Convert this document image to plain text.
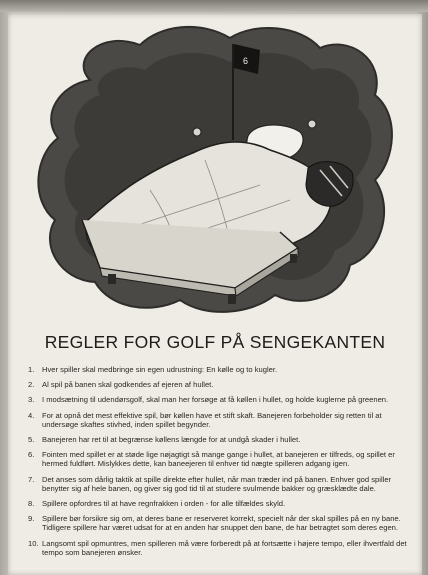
6
REGLER FOR GOLF PÅ SENGEKANTEN
1.	Hver spiller skal medbringe sin egen udrustning: En kølle og to kugler.
2.	Al spil på banen skal godkendes af ejeren af hullet.
3.	I modsætning til udendørsgolf, skal man her forsøge at få køllen i hullet, og holde kuglerne på greenen.
4.	For at opnå det mest effektive spil, bør køllen have et stift skaft. Banejeren forbeholder sig retten til at undersøge skaftes stivhed, inden spillet begynder.
5.	Banejeren har ret til at begrænse køllens længde for at undgå skader i hullet.
6.	Fointen med spillet er at støde lige nøjagtigt så mange gange i hullet, at banejeren er tilfreds, og spillet er hermed fuldført. Mislykkes dette, kan baneejeren til enhver tid nægte spilleren adgang igen.
7.	Det anses som dårlig taktik at spille direkte efter hullet, når man træder ind på banen. Enhver god spiller benytter sig af hele banen, og giver sig god tid til at studere svulmende bakker og græsklædte dale.
8.	Spillere opfordres til at have regnfrakken i orden - for alle tilfældes skyld.
9.	Spillere bør forsikre sig om, at deres bane er reserveret korrekt, specielt når der skal spilles på en ny bane. Tidligere spillere har været udsat for at en anden har snuppet den bane, de har betragtet som deres egen.
10. Langsomt spil opmuntres, men spilleren må være forberedt på at fortsætte i højere tempo, eller ihvertfald det tempo som banejeren ønsker.
